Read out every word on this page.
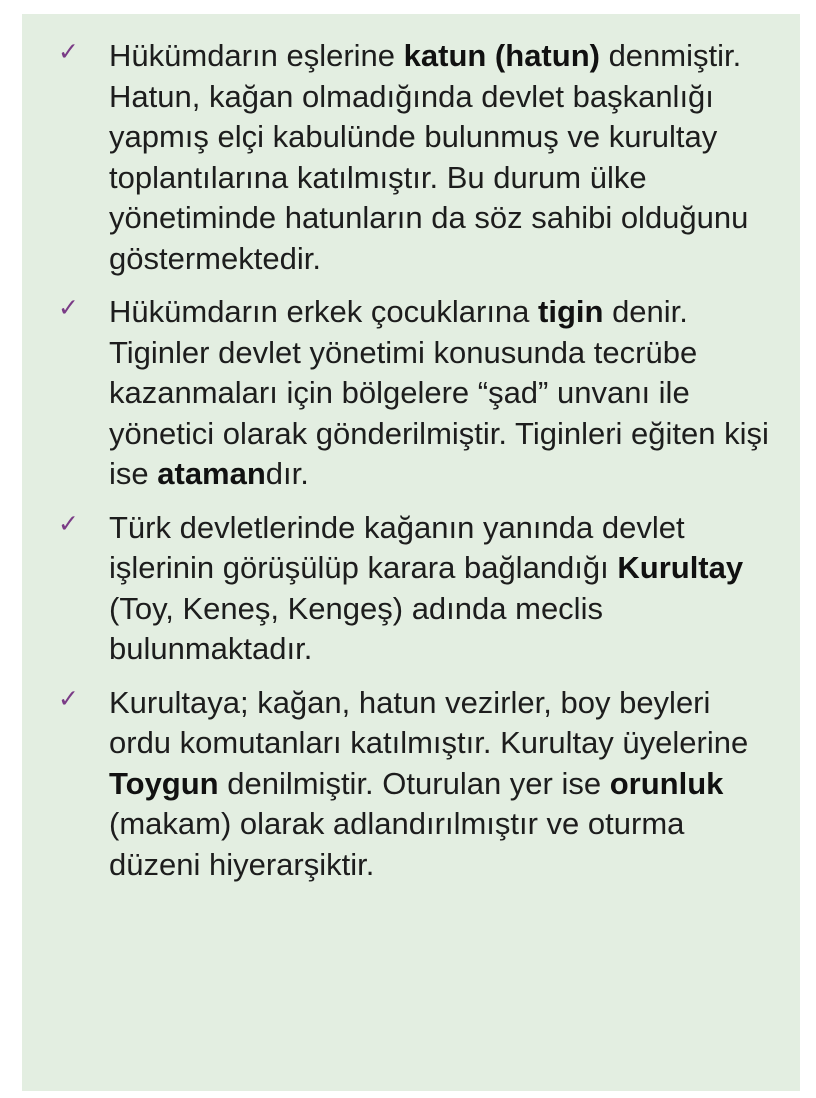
✓ Hükümdarın eşlerine katun (hatun) denmiştir. Hatun, kağan olmadığında devlet başkanlığı yapmış elçi kabulünde bulunmuş ve kurultay toplantılarına katılmıştır. Bu durum ülke yönetiminde hatunların da söz sahibi olduğunu göstermektedir.
✓ Hükümdarın erkek çocuklarına tigin denir. Tiginler devlet yönetimi konusunda tecrübe kazanmaları için bölgelere “şad” unvanı ile yönetici olarak gönderilmiştir. Tiginleri eğiten kişi ise atamandır.
✓ Türk devletlerinde kağanın yanında devlet işlerinin görüşülüp karara bağlandığı Kurultay (Toy, Keneş, Kengeş) adında meclis bulunmaktadır.
✓ Kurultaya; kağan, hatun vezirler, boy beyleri ordu komutanları katılmıştır. Kurultay üyelerine Toygun denilmiştir. Oturulan yer ise orunluk (makam) olarak adlandırılmıştır ve oturma düzeni hiyerarşiktir.
